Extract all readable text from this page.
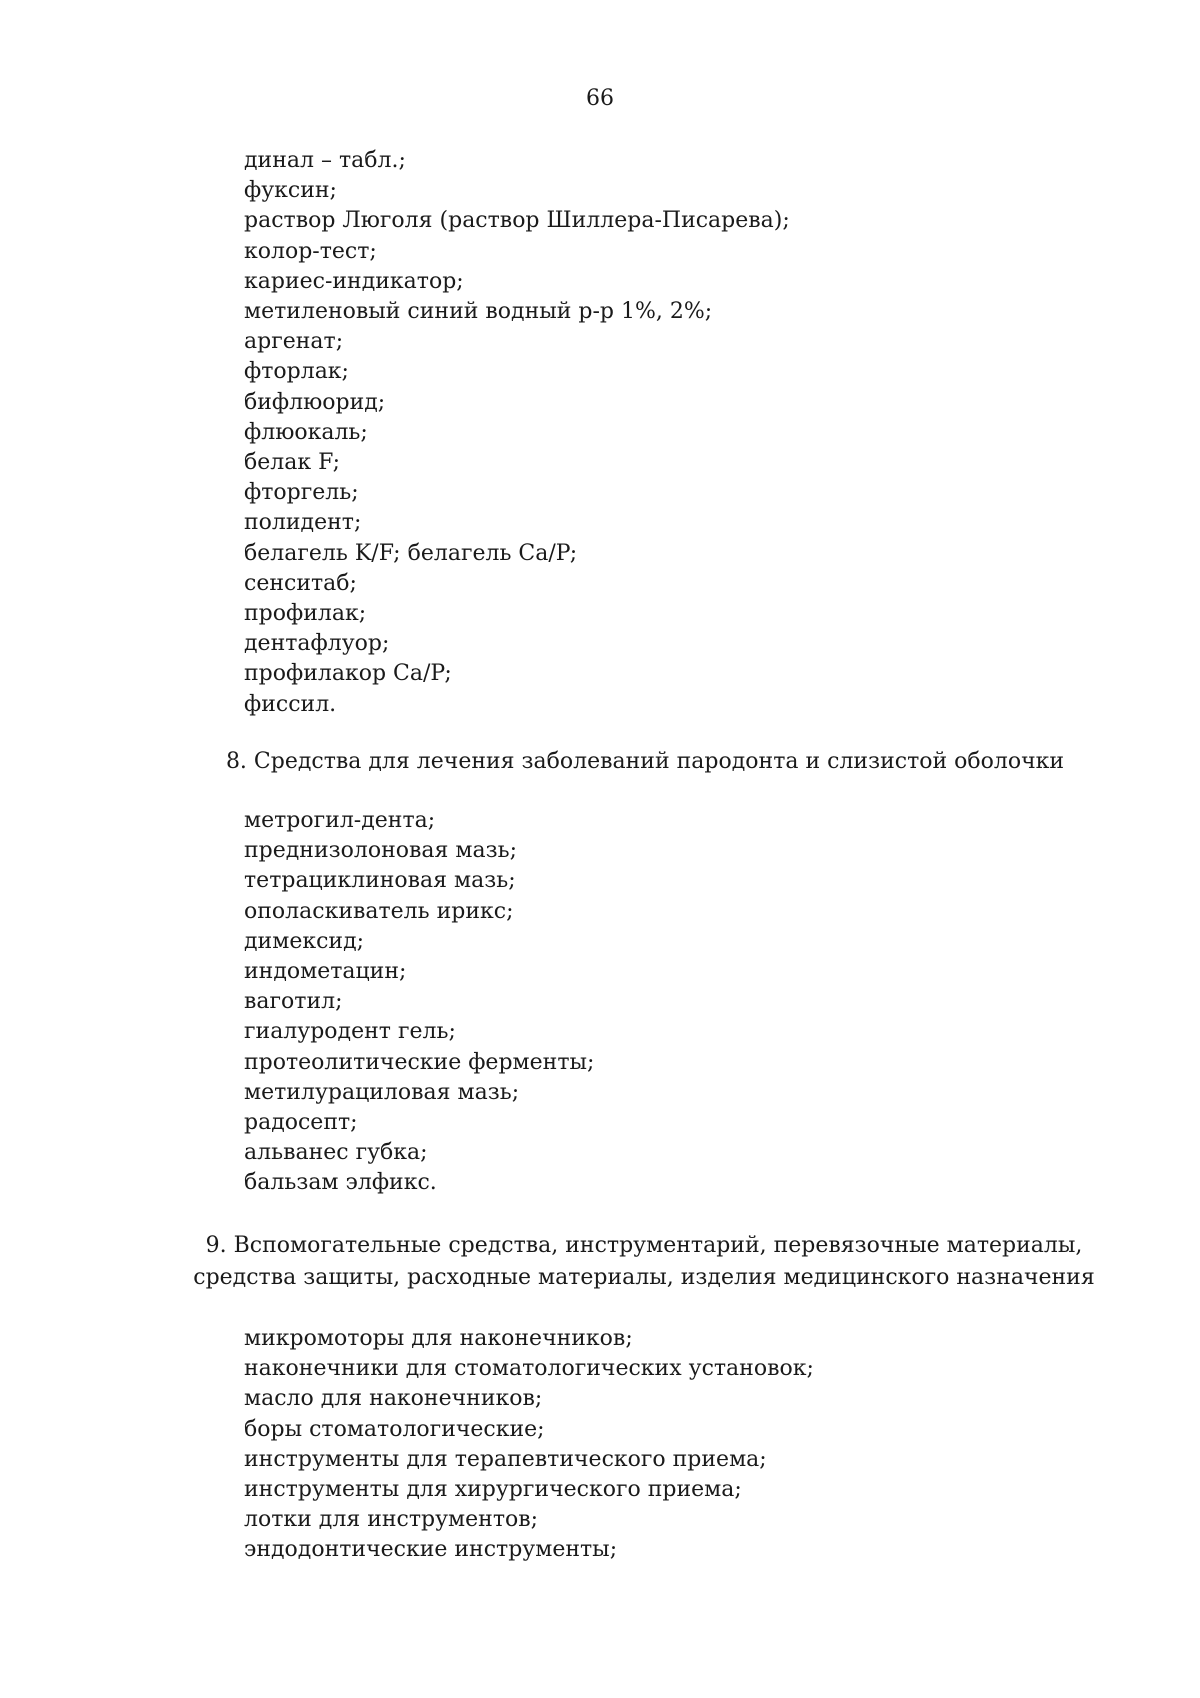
66
динал – табл.;
фуксин;
раствор Люголя (раствор Шиллера-Писарева);
колор-тест;
кариес-индикатор;
метиленовый синий водный р-р 1%, 2%;
аргенат;
фторлак;
бифлюорид;
флюокаль;
белак F;
фторгель;
полидент;
белагель K/F; белагель Ca/P;
сенситаб;
профилак;
дентафлуор;
профилакор Ca/P;
фиссил.
8. Средства для лечения заболеваний пародонта и слизистой оболочки
метрогил-дента;
преднизолоновая мазь;
тетрациклиновая мазь;
ополаскиватель ирикс;
димексид;
индометацин;
ваготил;
гиалуродент гель;
протеолитические ферменты;
метилурациловая мазь;
радосепт;
альванес губка;
бальзам элфикс.
9. Вспомогательные средства, инструментарий, перевязочные материалы,
средства защиты, расходные материалы, изделия медицинского назначения
микромоторы для наконечников;
наконечники для стоматологических установок;
масло для наконечников;
боры стоматологические;
инструменты для терапевтического приема;
инструменты для хирургического приема;
лотки для инструментов;
эндодонтические инструменты;
